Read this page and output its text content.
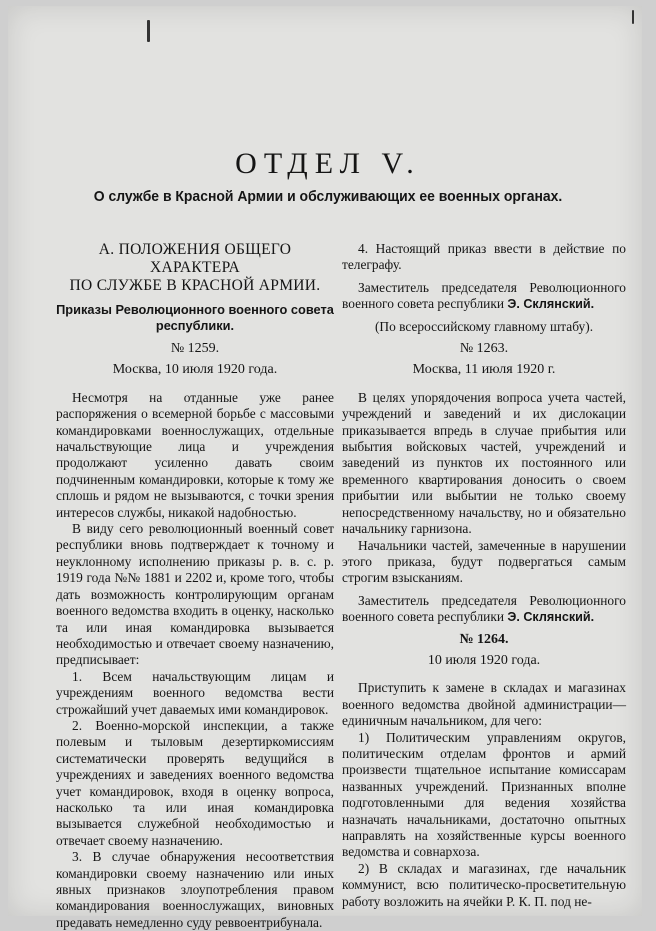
ОТДЕЛ V.
О службе в Красной Армии и обслуживающих ее военных органах.
А. ПОЛОЖЕНИЯ ОБЩЕГО ХАРАКТЕРА
ПО СЛУЖБЕ В КРАСНОЙ АРМИИ.
Приказы Революционного военного совета республики.
№ 1259.
Москва, 10 июля 1920 года.

Несмотря на отданные уже ранее распоряжения о всемерной борьбе с массовыми командировками военнослужащих, отдельные начальствующие лица и учреждения продолжают усиленно давать своим подчиненным командировки, которые к тому же сплошь и рядом не вызываются, с точки зрения интересов службы, никакой надобностью.

В виду сего революционный военный совет республики вновь подтверждает к точному и неуклонному исполнению приказы р. в. с. р. 1919 года №№ 1881 и 2202 и, кроме того, чтобы дать возможность контролирующим органам военного ведомства входить в оценку, насколько та или иная командировка вызывается необходимостью и отвечает своему назначению, предписывает:

1. Всем начальствующим лицам и учреждениям военного ведомства вести строжайший учет даваемых ими командировок.

2. Военно-морской инспекции, а также полевым и тыловым дезертиркомиссиям систематически проверять ведущийся в учреждениях и заведениях военного ведомства учет командировок, входя в оценку вопроса, насколько та или иная командировка вызывается служебной необходимостью и отвечает своему назначению.

3. В случае обнаружения несоответствия командировки своему назначению или иных явных признаков злоупотребления правом командирования военнослужащих, виновных предавать немедленно суду реввоентрибунала.

4. Настоящий приказ ввести в действие по телеграфу.

Заместитель председателя Революционного военного совета республики Э. Склянский.

(По всероссийскому главному штабу).

№ 1263.
Москва, 11 июля 1920 г.

В целях упорядочения вопроса учета частей, учреждений и заведений и их дислокации приказывается впредь в случае прибытия или выбытия войсковых частей, учреждений и заведений из пунктов их постоянного или временного квартирования доносить о своем прибытии или выбытии не только своему непосредственному начальству, но и обязательно начальнику гарнизона.

Начальники частей, замеченные в нарушении этого приказа, будут подвергаться самым строгим взысканиям.

Заместитель председателя Революционного военного совета республики Э. Склянский.

№ 1264.
10 июля 1920 года.

Приступить к замене в складах и магазинах военного ведомства двойной администрации— единичным начальником, для чего:

1) Политическим управлениям округов, политическим отделам фронтов и армий произвести тщательное испытание комиссарам названных учреждений. Признанных вполне подготовленными для ведения хозяйства назначать начальниками, достаточно опытных направлять на хозяйственные курсы военного ведомства и совнархоза.

2) В складах и магазинах, где начальник коммунист, всю политическо-просветительную работу возложить на ячейки Р. К. П. под не-
